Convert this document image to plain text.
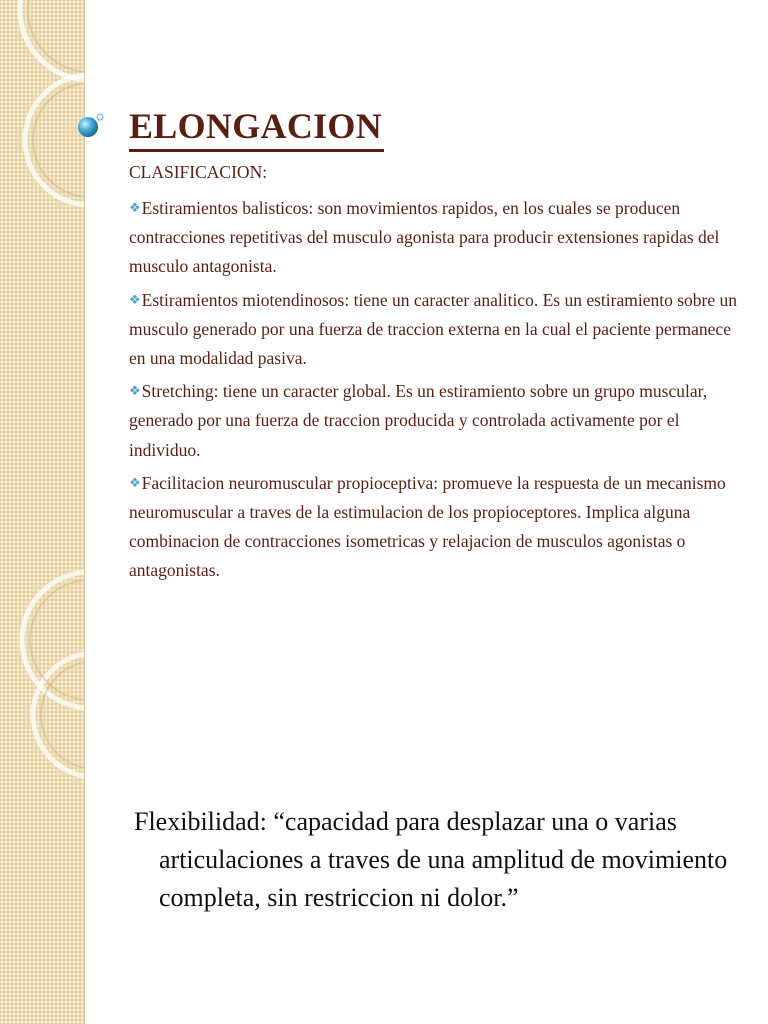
ELONGACION

CLASIFICACION:

❖Estiramientos balisticos: son movimientos rapidos, en los cuales se producen contracciones repetitivas del musculo agonista para producir extensiones rapidas del musculo antagonista.
❖Estiramientos miotendinosos: tiene un caracter analitico. Es un estiramiento sobre un musculo generado por una fuerza de traccion externa en la cual el paciente permanece en una modalidad pasiva.
❖Stretching: tiene un caracter global. Es un estiramiento sobre un grupo muscular, generado por una fuerza de traccion producida y controlada activamente por el individuo.
❖Facilitacion neuromuscular propioceptiva: promueve la respuesta de un mecanismo neuromuscular a traves de la estimulacion de los propioceptores. Implica alguna combinacion de contracciones isometricas y relajacion de musculos agonistas o antagonistas.

Flexibilidad: “capacidad para desplazar una o varias articulaciones a traves de una amplitud de movimiento completa, sin restriccion ni dolor.”
